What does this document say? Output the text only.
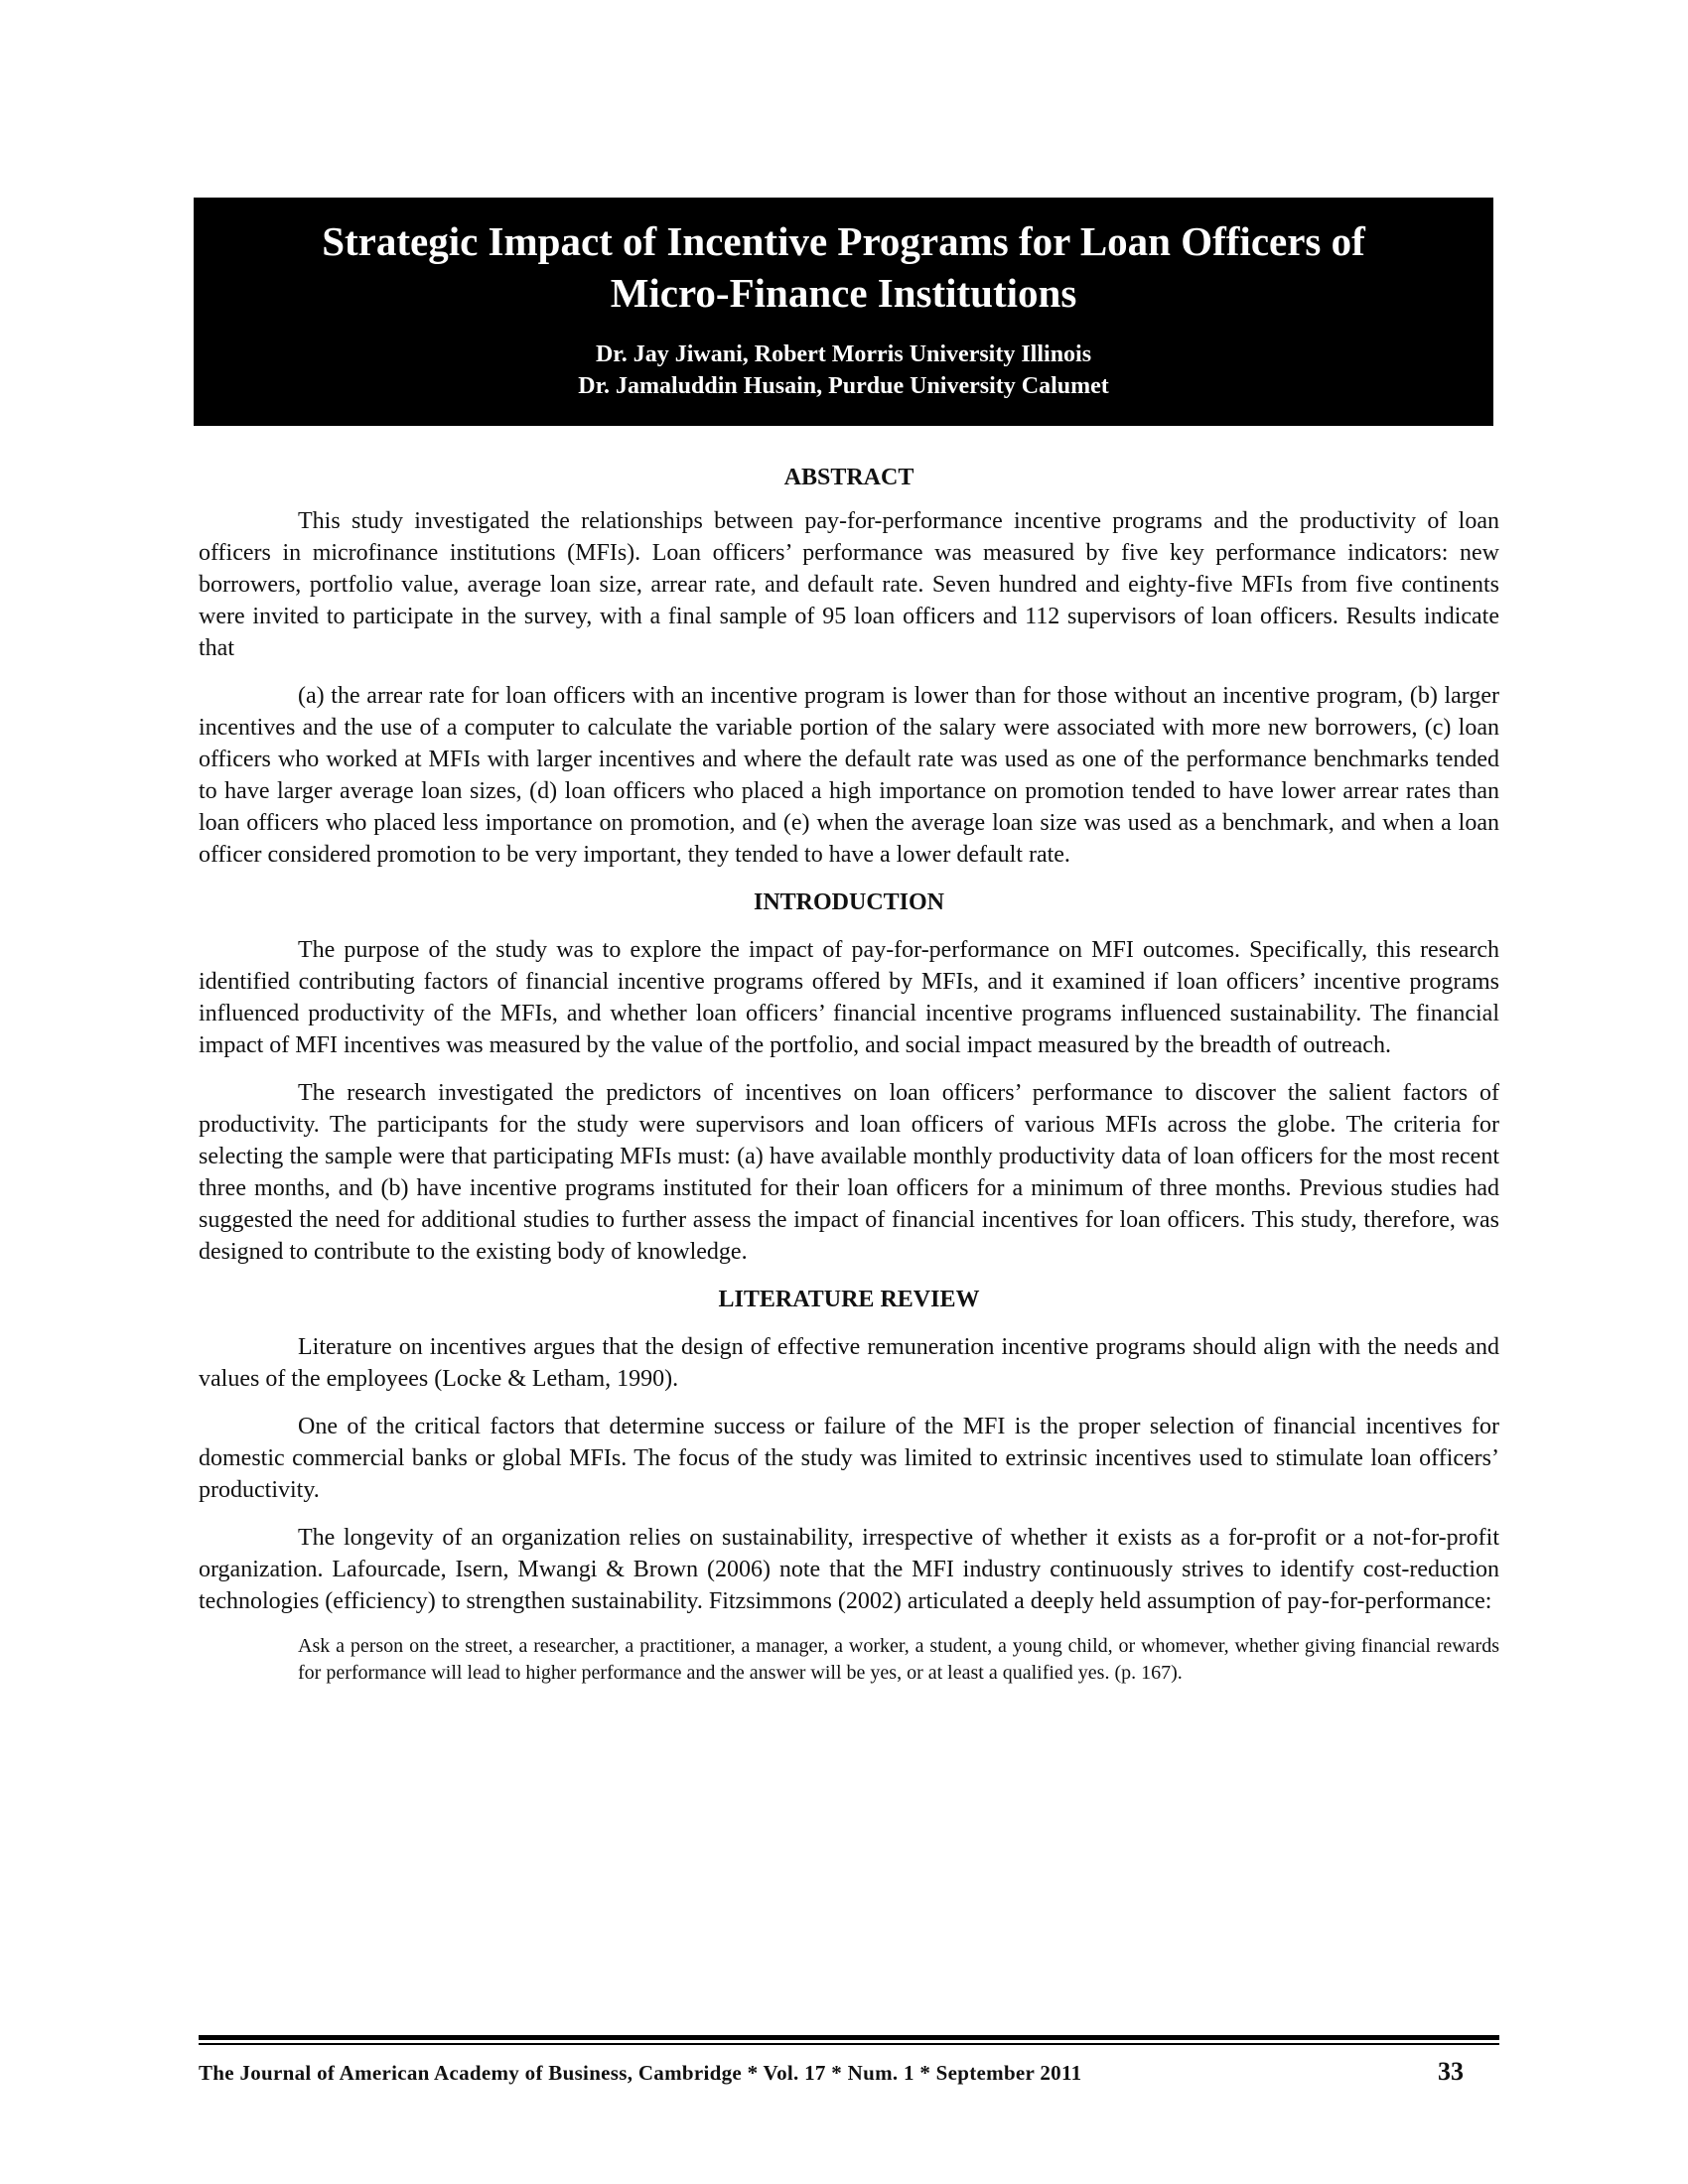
Strategic Impact of Incentive Programs for Loan Officers of
Micro-Finance Institutions
Dr. Jay Jiwani, Robert Morris University Illinois
Dr. Jamaluddin Husain, Purdue University Calumet
ABSTRACT

This study investigated the relationships between pay-for-performance incentive programs and the productivity of loan officers in microfinance institutions (MFIs). Loan officers’ performance was measured by five key performance indicators: new borrowers, portfolio value, average loan size, arrear rate, and default rate. Seven hundred and eighty-five MFIs from five continents were invited to participate in the survey, with a final sample of 95 loan officers and 112 supervisors of loan officers. Results indicate that

(a) the arrear rate for loan officers with an incentive program is lower than for those without an incentive program, (b) larger incentives and the use of a computer to calculate the variable portion of the salary were associated with more new borrowers, (c) loan officers who worked at MFIs with larger incentives and where the default rate was used as one of the performance benchmarks tended to have larger average loan sizes, (d) loan officers who placed a high importance on promotion tended to have lower arrear rates than loan officers who placed less importance on promotion, and (e) when the average loan size was used as a benchmark, and when a loan officer considered promotion to be very important, they tended to have a lower default rate.

INTRODUCTION

The purpose of the study was to explore the impact of pay-for-performance on MFI outcomes. Specifically, this research identified contributing factors of financial incentive programs offered by MFIs, and it examined if loan officers’ incentive programs influenced productivity of the MFIs, and whether loan officers’ financial incentive programs influenced sustainability. The financial impact of MFI incentives was measured by the value of the portfolio, and social impact measured by the breadth of outreach.

The research investigated the predictors of incentives on loan officers’ performance to discover the salient factors of productivity. The participants for the study were supervisors and loan officers of various MFIs across the globe. The criteria for selecting the sample were that participating MFIs must: (a) have available monthly productivity data of loan officers for the most recent three months, and (b) have incentive programs instituted for their loan officers for a minimum of three months. Previous studies had suggested the need for additional studies to further assess the impact of financial incentives for loan officers. This study, therefore, was designed to contribute to the existing body of knowledge.

LITERATURE REVIEW

Literature on incentives argues that the design of effective remuneration incentive programs should align with the needs and values of the employees (Locke & Letham, 1990).

One of the critical factors that determine success or failure of the MFI is the proper selection of financial incentives for domestic commercial banks or global MFIs. The focus of the study was limited to extrinsic incentives used to stimulate loan officers’ productivity.

The longevity of an organization relies on sustainability, irrespective of whether it exists as a for-profit or a not-for-profit organization. Lafourcade, Isern, Mwangi & Brown (2006) note that the MFI industry continuously strives to identify cost-reduction technologies (efficiency) to strengthen sustainability. Fitzsimmons (2002) articulated a deeply held assumption of pay-for-performance:

Ask a person on the street, a researcher, a practitioner, a manager, a worker, a student, a young child, or whomever, whether giving financial rewards for performance will lead to higher performance and the answer will be yes, or at least a qualified yes. (p. 167).
The Journal of American Academy of Business, Cambridge * Vol. 17 * Num. 1 * September 2011	33
